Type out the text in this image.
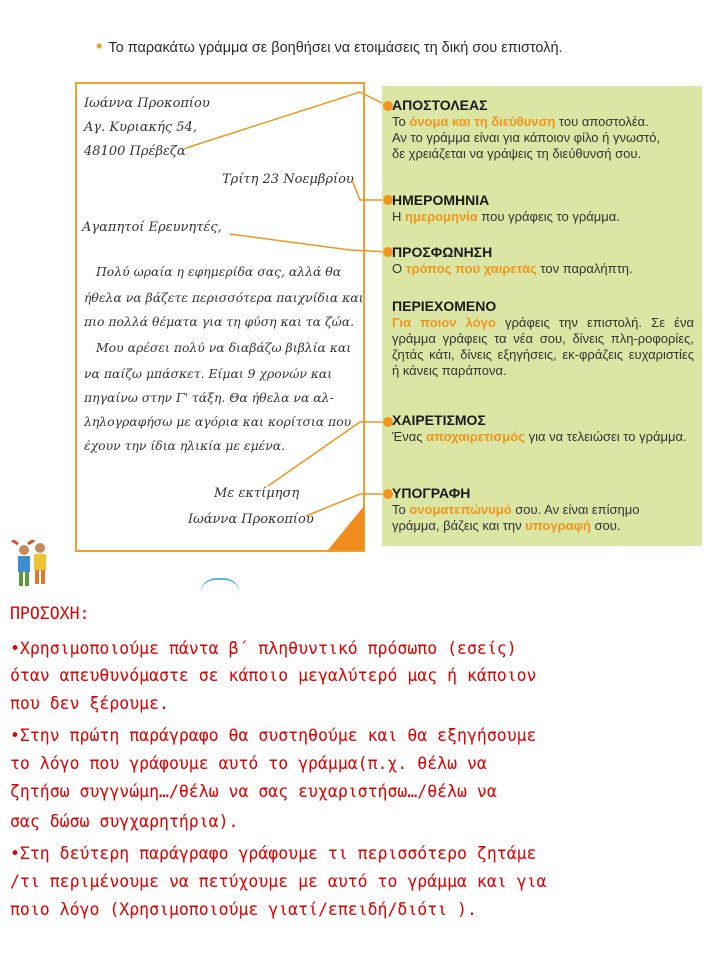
• Το παρακάτω γράμμα σε βοηθήσει να ετοιμάσεις τη δική σου επιστολή.
Ιωάννα Προκοπίου
Αγ. Κυριακής 54,
48100 Πρέβεζα
Τρίτη 23 Νοεμβρίου
Αγαπητοί Ερευνητές,
Πολύ ωραία η εφημερίδα σας, αλλά θα
ήθελα να βάζετε περισσότερα παιχνίδια και
πιο πολλά θέματα για τη φύση και τα ζώα.
Μου αρέσει πολύ να διαβάζω βιβλία και
να παίζω μπάσκετ. Είμαι 9 χρονών και
πηγαίνω στην Γ' τάξη. Θα ήθελα να αλ-
ληλογραφήσω με αγόρια και κορίτσια που
έχουν την ίδια ηλικία με εμένα.
Με εκτίμηση
Ιωάννα Προκοπίου
ΑΠΟΣΤΟΛΕΑΣ
Το όνομα και τη διεύθυνση του αποστολέα.
Αν το γράμμα είναι για κάποιον φίλο ή γνωστό,
δε χρειάζεται να γράψεις τη διεύθυνσή σου.
ΗΜΕΡΟΜΗΝΙΑ
Η ημερομηνία που γράφεις το γράμμα.
ΠΡΟΣΦΩΝΗΣΗ
Ο τρόπος που χαιρετάς τον παραλήπτη.
ΠΕΡΙΕΧΟΜΕΝΟ
Για ποιον λόγο γράφεις την επιστολή. Σε ένα γράμμα γράφεις τα νέα σου, δίνεις πλη-ροφορίες, ζητάς κάτι, δίνεις εξηγήσεις, εκ-φράζεις ευχαριστίες ή κάνεις παράπονα.
ΧΑΙΡΕΤΙΣΜΟΣ
Ένας αποχαιρετισμός για να τελειώσει το γράμμα.
ΥΠΟΓΡΑΦΗ
Το ονοματεπώνυμό σου. Αν είναι επίσημο
γράμμα, βάζεις και την υπογραφή σου.
ΠΡΟΣΟΧΗ:
•Χρησιμοποιούμε πάντα β΄ πληθυντικό πρόσωπο (εσείς)
όταν απευθυνόμαστε σε κάποιο μεγαλύτερό μας ή κάποιον
που δεν ξέρουμε.
•Στην πρώτη παράγραφο θα συστηθούμε και θα εξηγήσουμε
το λόγο που γράφουμε αυτό το γράμμα(π.χ. θέλω να
ζητήσω συγγνώμη…/θέλω να σας ευχαριστήσω…/θέλω να
σας δώσω συγχαρητήρια).
•Στη δεύτερη παράγραφο γράφουμε τι περισσότερο ζητάμε
/τι περιμένουμε να πετύχουμε με αυτό το γράμμα και για
ποιο λόγο (Χρησιμοποιούμε γιατί/επειδή/διότι ).
